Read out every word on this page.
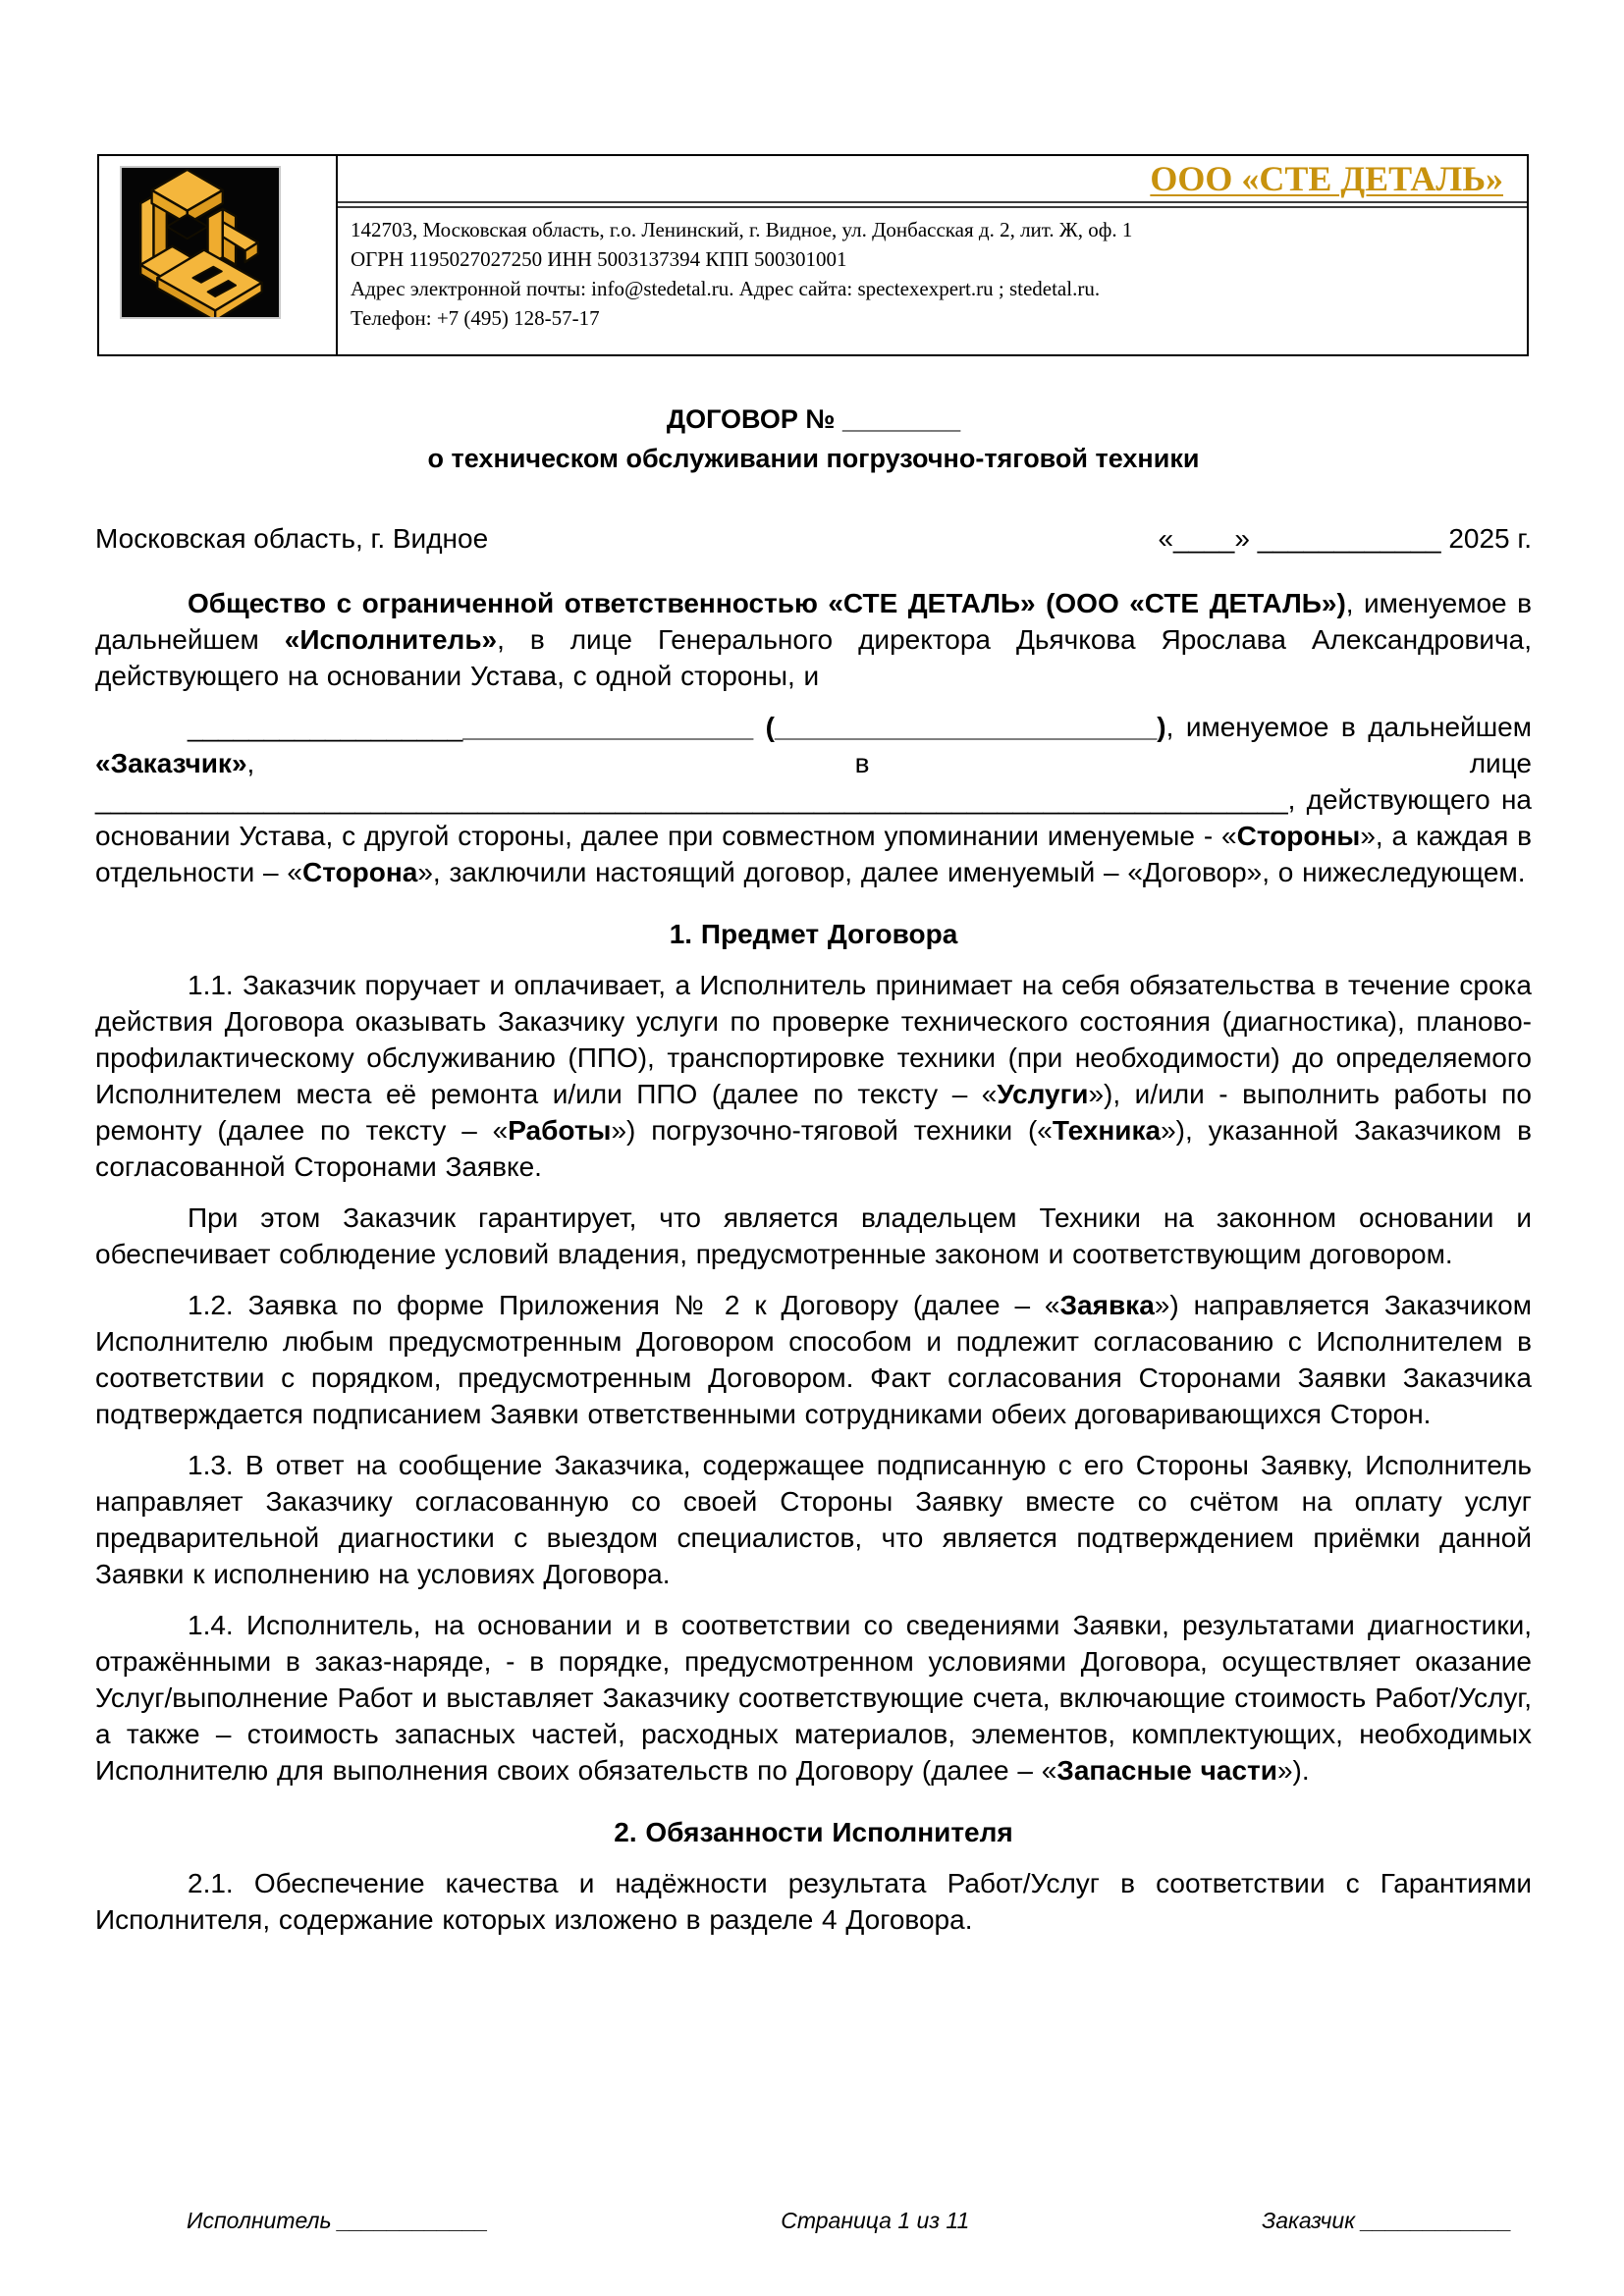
ООО «СТЕ ДЕТАЛЬ»
142703, Московская область, г.о. Ленинский, г. Видное, ул. Донбасская д. 2, лит. Ж, оф. 1
ОГРН 1195027027250 ИНН 5003137394 КПП 500301001
Адрес электронной почты: info@stedetal.ru. Адрес сайта: spectexexpert.ru ; stedetal.ru.
Телефон: +7 (495) 128-57-17
ДОГОВОР № ________
о техническом обслуживании погрузочно-тяговой техники
Московская область, г. Видное	«____» ____________ 2025 г.
Общество с ограниченной ответственностью «СТЕ ДЕТАЛЬ» (ООО «СТЕ ДЕТАЛЬ»), именуемое в дальнейшем «Исполнитель», в лице Генерального директора Дьячкова Ярослава Александровича, действующего на основании Устава, с одной стороны, и
_____________________________________ (_________________________), именуемое в дальнейшем «Заказчик», в лице ______________________________________________________________________________, действующего на основании Устава, с другой стороны, далее при совместном упоминании именуемые - «Стороны», а каждая в отдельности – «Сторона», заключили настоящий договор, далее именуемый – «Договор», о нижеследующем.
1. Предмет Договора
1.1. Заказчик поручает и оплачивает, а Исполнитель принимает на себя обязательства в течение срока действия Договора оказывать Заказчику услуги по проверке технического состояния (диагностика), планово-профилактическому обслуживанию (ППО), транспортировке техники (при необходимости) до определяемого Исполнителем места её ремонта и/или ППО (далее по тексту – «Услуги»), и/или - выполнить работы по ремонту (далее по тексту – «Работы») погрузочно-тяговой техники («Техника»), указанной Заказчиком в согласованной Сторонами Заявке.
При этом Заказчик гарантирует, что является владельцем Техники на законном основании и обеспечивает соблюдение условий владения, предусмотренные законом и соответствующим договором.
1.2. Заявка по форме Приложения № 2 к Договору (далее – «Заявка») направляется Заказчиком Исполнителю любым предусмотренным Договором способом и подлежит согласованию с Исполнителем в соответствии с порядком, предусмотренным Договором. Факт согласования Сторонами Заявки Заказчика подтверждается подписанием Заявки ответственными сотрудниками обеих договаривающихся Сторон.
1.3. В ответ на сообщение Заказчика, содержащее подписанную с его Стороны Заявку, Исполнитель направляет Заказчику согласованную со своей Стороны Заявку вместе со счётом на оплату услуг предварительной диагностики с выездом специалистов, что является подтверждением приёмки данной Заявки к исполнению на условиях Договора.
1.4. Исполнитель, на основании и в соответствии со сведениями Заявки, результатами диагностики, отражёнными в заказ-наряде, - в порядке, предусмотренном условиями Договора, осуществляет оказание Услуг/выполнение Работ и выставляет Заказчику соответствующие счета, включающие стоимость Работ/Услуг, а также – стоимость запасных частей, расходных материалов, элементов, комплектующих, необходимых Исполнителю для выполнения своих обязательств по Договору (далее – «Запасные части»).
2. Обязанности Исполнителя
2.1. Обеспечение качества и надёжности результата Работ/Услуг в соответствии с Гарантиями Исполнителя, содержание которых изложено в разделе 4 Договора.
Исполнитель ____________	Страница 1 из 11	Заказчик ____________
